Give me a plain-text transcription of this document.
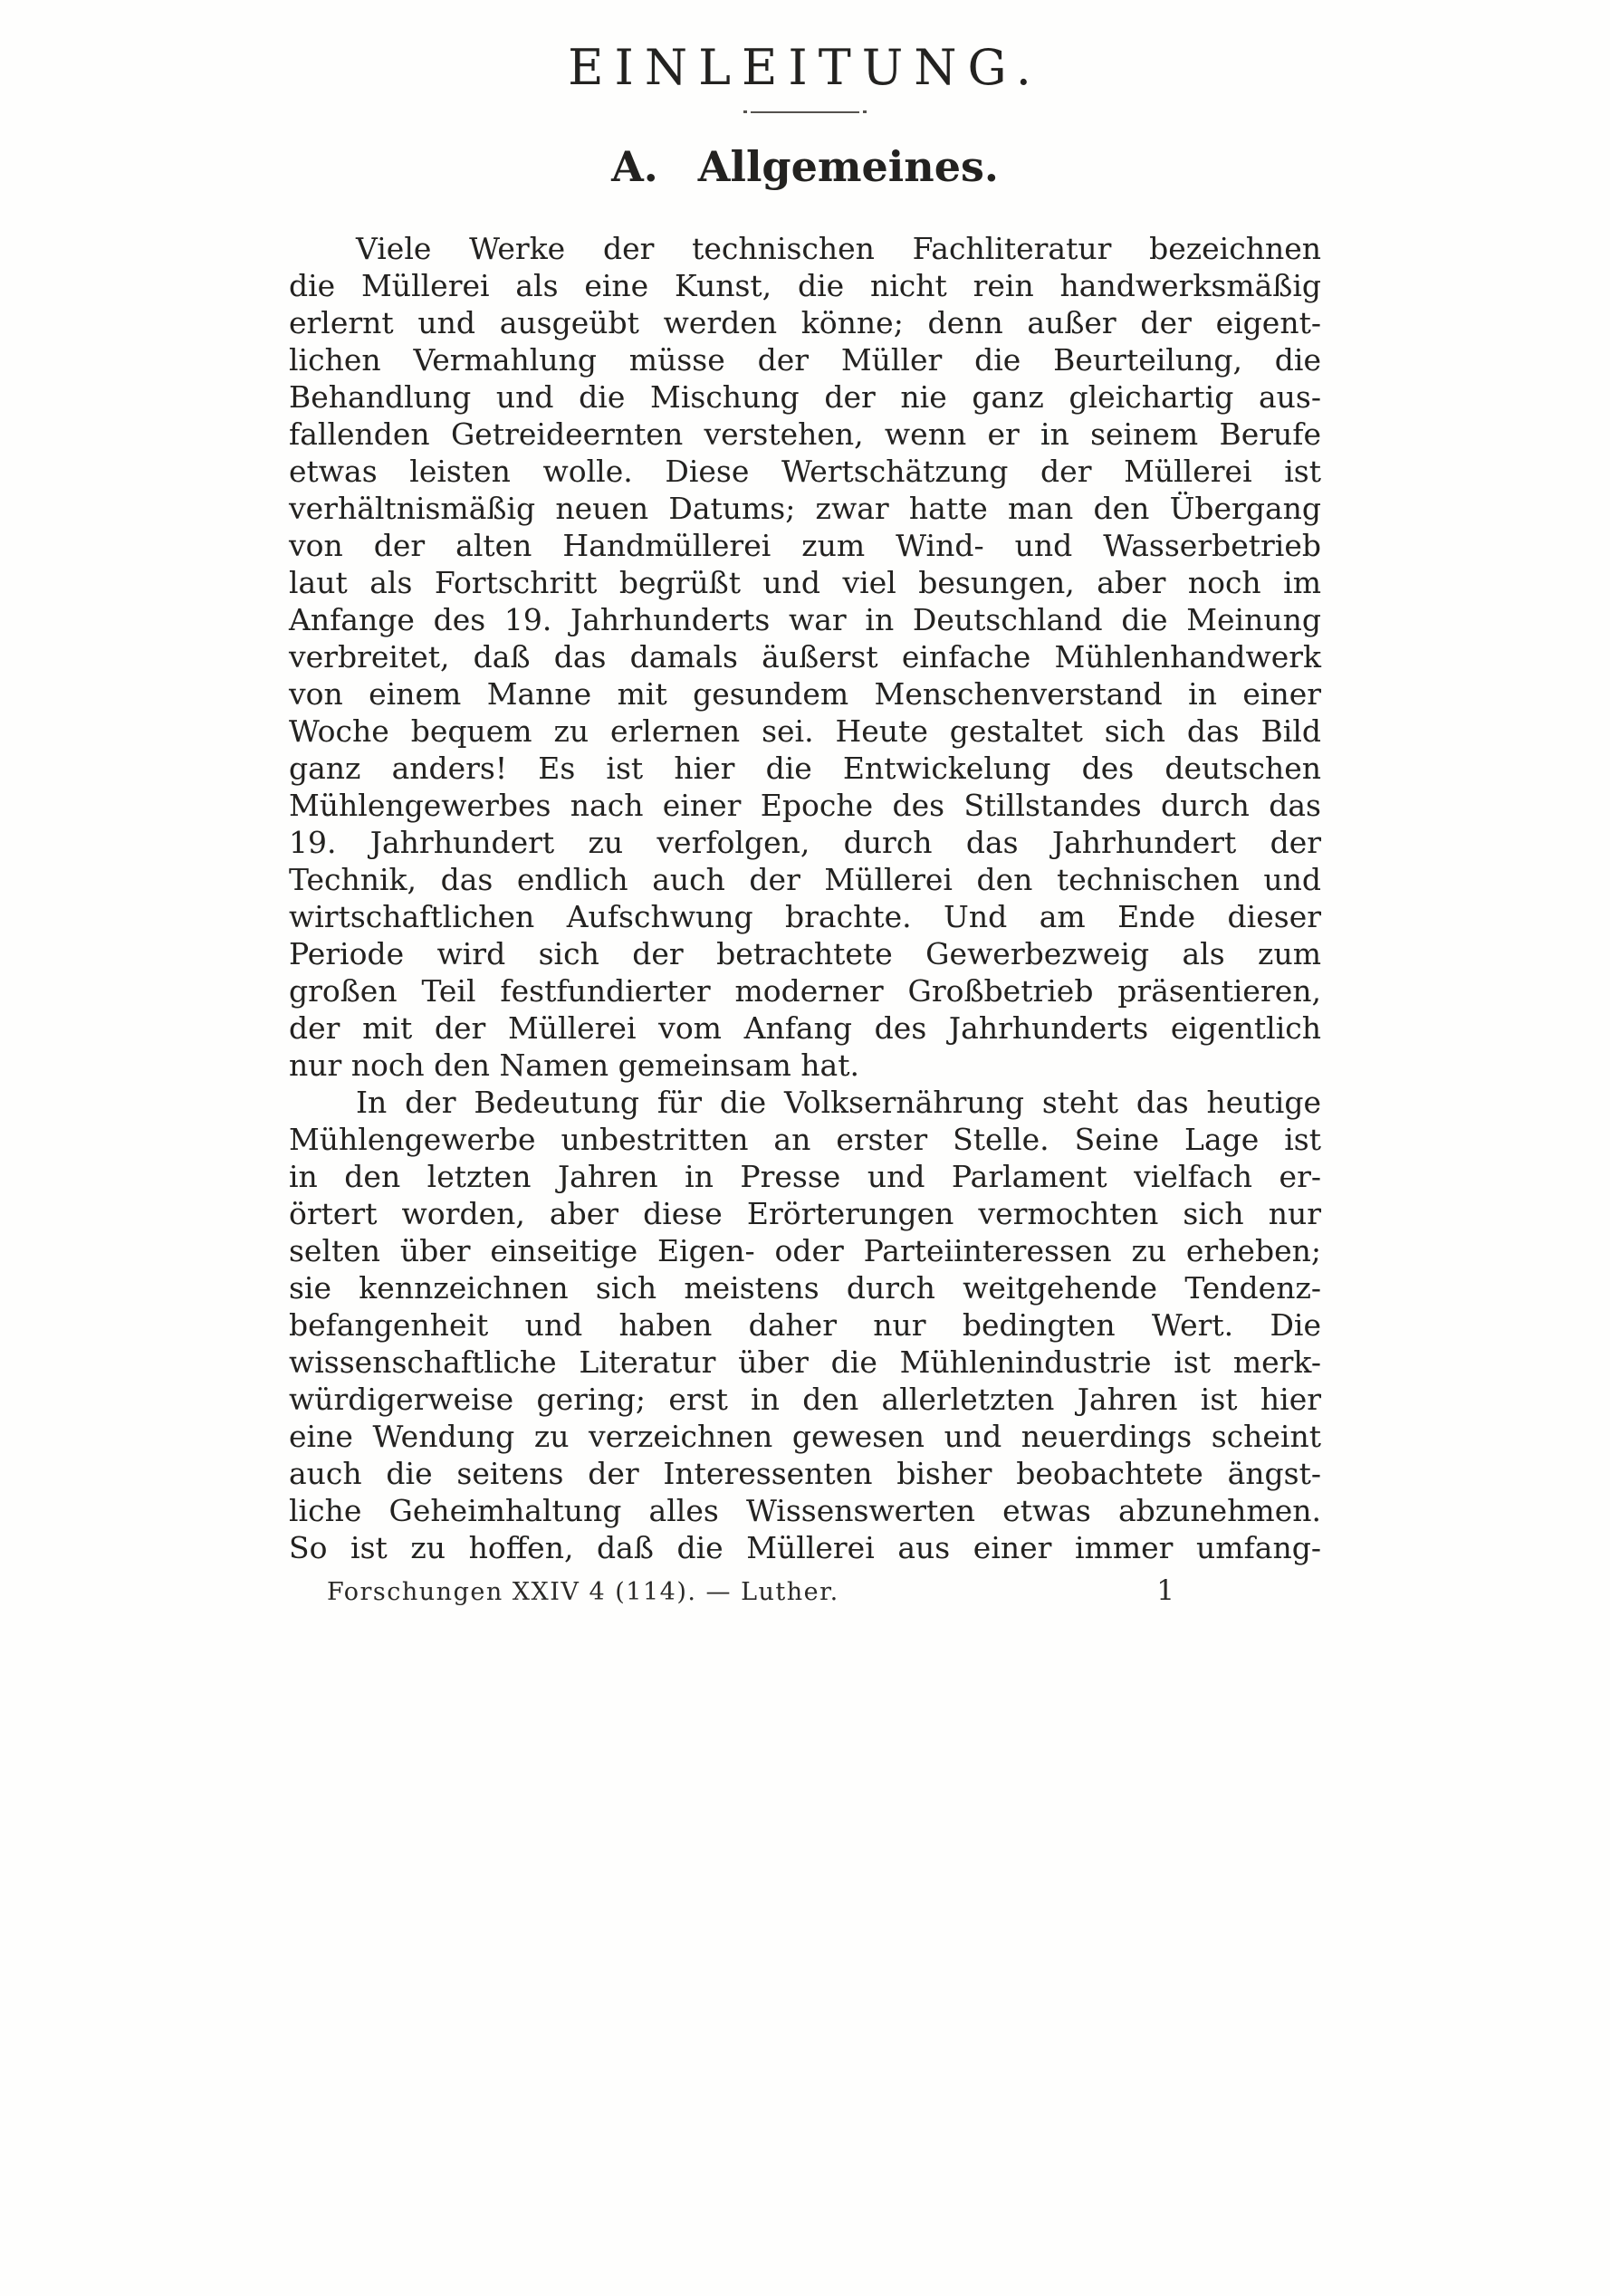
EINLEITUNG.
A. Allgemeines.
Viele Werke der technischen Fachliteratur bezeichnen
die Müllerei als eine Kunst, die nicht rein handwerksmäßig
erlernt und ausgeübt werden könne; denn außer der eigent-
lichen Vermahlung müsse der Müller die Beurteilung, die
Behandlung und die Mischung der nie ganz gleichartig aus-
fallenden Getreideernten verstehen, wenn er in seinem Berufe
etwas leisten wolle. Diese Wertschätzung der Müllerei ist
verhältnismäßig neuen Datums; zwar hatte man den Übergang
von der alten Handmüllerei zum Wind- und Wasserbetrieb
laut als Fortschritt begrüßt und viel besungen, aber noch im
Anfange des 19. Jahrhunderts war in Deutschland die Meinung
verbreitet, daß das damals äußerst einfache Mühlenhandwerk
von einem Manne mit gesundem Menschenverstand in einer
Woche bequem zu erlernen sei. Heute gestaltet sich das Bild
ganz anders! Es ist hier die Entwickelung des deutschen
Mühlengewerbes nach einer Epoche des Stillstandes durch das
19. Jahrhundert zu verfolgen, durch das Jahrhundert der
Technik, das endlich auch der Müllerei den technischen und
wirtschaftlichen Aufschwung brachte. Und am Ende dieser
Periode wird sich der betrachtete Gewerbezweig als zum
großen Teil festfundierter moderner Großbetrieb präsentieren,
der mit der Müllerei vom Anfang des Jahrhunderts eigentlich
nur noch den Namen gemeinsam hat.
In der Bedeutung für die Volksernährung steht das heutige
Mühlengewerbe unbestritten an erster Stelle. Seine Lage ist
in den letzten Jahren in Presse und Parlament vielfach er-
örtert worden, aber diese Erörterungen vermochten sich nur
selten über einseitige Eigen- oder Parteiinteressen zu erheben;
sie kennzeichnen sich meistens durch weitgehende Tendenz-
befangenheit und haben daher nur bedingten Wert. Die
wissenschaftliche Literatur über die Mühlenindustrie ist merk-
würdigerweise gering; erst in den allerletzten Jahren ist hier
eine Wendung zu verzeichnen gewesen und neuerdings scheint
auch die seitens der Interessenten bisher beobachtete ängst-
liche Geheimhaltung alles Wissenswerten etwas abzunehmen.
So ist zu hoffen, daß die Müllerei aus einer immer umfang-
Forschungen XXIV 4 (114). — Luther.	1
